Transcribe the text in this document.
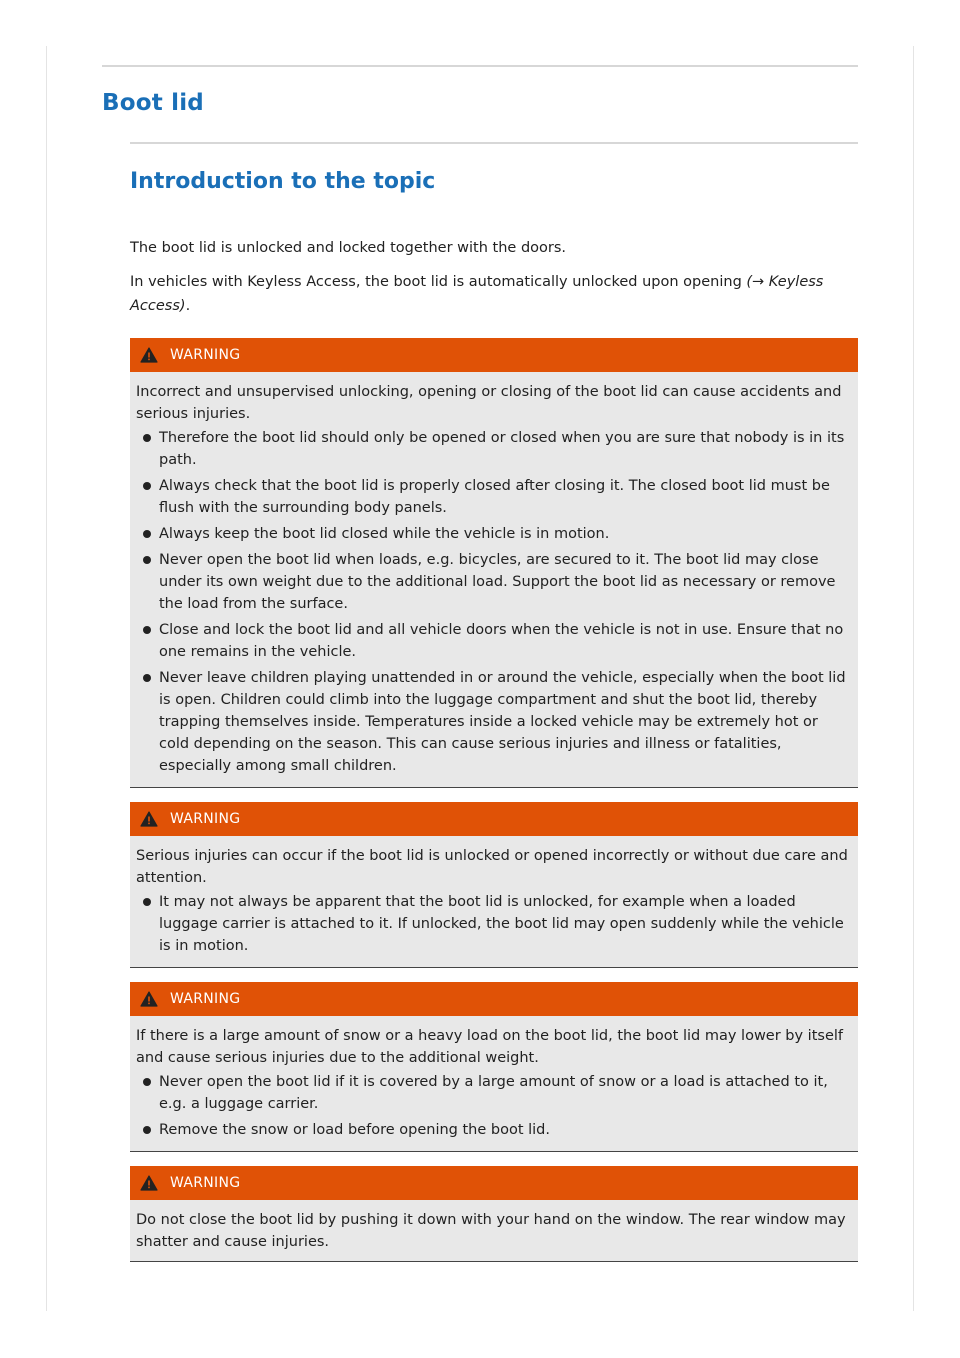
Boot lid
Introduction to the topic

The boot lid is unlocked and locked together with the doors.

In vehicles with Keyless Access, the boot lid is automatically unlocked upon opening (→ Keyless Access).

WARNING

Incorrect and unsupervised unlocking, opening or closing of the boot lid can cause accidents and serious injuries.

Therefore the boot lid should only be opened or closed when you are sure that nobody is in its path.
Always check that the boot lid is properly closed after closing it. The closed boot lid must be flush with the surrounding body panels.
Always keep the boot lid closed while the vehicle is in motion.
Never open the boot lid when loads, e.g. bicycles, are secured to it. The boot lid may close under its own weight due to the additional load. Support the boot lid as necessary or remove the load from the surface.
Close and lock the boot lid and all vehicle doors when the vehicle is not in use. Ensure that no one remains in the vehicle.
Never leave children playing unattended in or around the vehicle, especially when the boot lid is open. Children could climb into the luggage compartment and shut the boot lid, thereby trapping themselves inside. Temperatures inside a locked vehicle may be extremely hot or cold depending on the season. This can cause serious injuries and illness or fatalities, especially among small children.
WARNING

Serious injuries can occur if the boot lid is unlocked or opened incorrectly or without due care and attention.

It may not always be apparent that the boot lid is unlocked, for example when a loaded luggage carrier is attached to it. If unlocked, the boot lid may open suddenly while the vehicle is in motion.
WARNING

If there is a large amount of snow or a heavy load on the boot lid, the boot lid may lower by itself and cause serious injuries due to the additional weight.

Never open the boot lid if it is covered by a large amount of snow or a load is attached to it, e.g. a luggage carrier.
Remove the snow or load before opening the boot lid.
WARNING

Do not close the boot lid by pushing it down with your hand on the window. The rear window may shatter and cause injuries.
